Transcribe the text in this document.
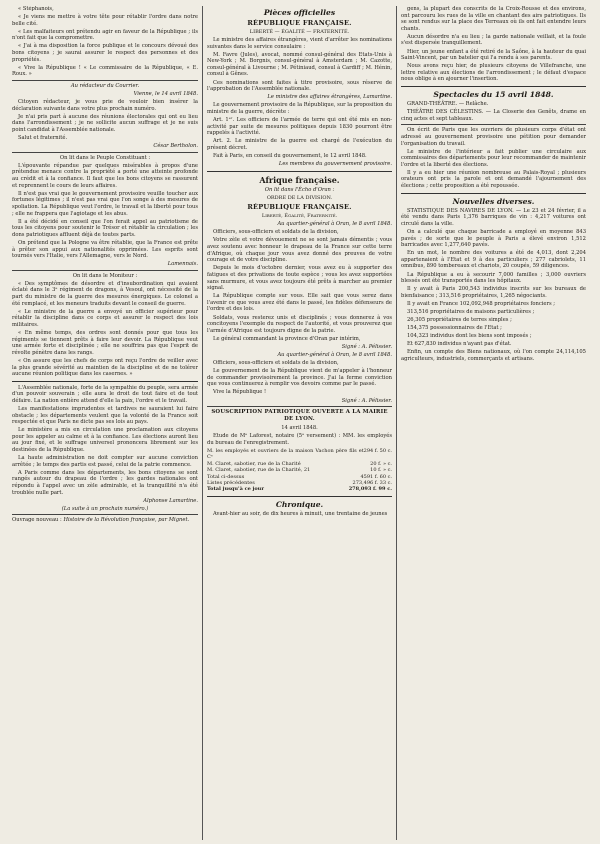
« Stéphanois,

« Je viens me mettre à votre tête pour rétablir l'ordre dans notre belle cité.

« Les malfaiteurs ont prétendu agir en faveur de la République ; ils n'ont fait que la compromettre.

« J'ai à ma disposition la force publique et le concours dévoué des bons citoyens ; je saurai assurer le respect des personnes et des propriétés.

« Vive la République ! « Le commissaire de la République, « E. Roux. »

Au rédacteur du Courrier.

Vienne, le 14 avril 1848.

Citoyen rédacteur, je vous prie de vouloir bien insérer la déclaration suivante dans votre plus prochain numéro.

Je n'ai pris part à aucune des réunions électorales qui ont eu lieu dans l'arrondissement ; je ne sollicite aucun suffrage et je ne suis point candidat à l'Assemblée nationale.

Salut et fraternité.

César Bertholon.

On lit dans le Peuple Constituant :

L'épouvante répandue par quelques misérables à propos d'une prétendue menace contre la propriété a porté une atteinte profonde au crédit et à la confiance. Il faut que les bons citoyens se rassurent et reprennent le cours de leurs affaires.

Il n'est pas vrai que le gouvernement provisoire veuille toucher aux fortunes légitimes ; il n'est pas vrai que l'on songe à des mesures de spoliation. La République veut l'ordre, le travail et la liberté pour tous ; elle ne frappera que l'agiotage et les abus.

Il a été décidé en conseil que l'on ferait appel au patriotisme de tous les citoyens pour soutenir le Trésor et rétablir la circulation ; les dons patriotiques affluent déjà de toutes parts.

On prétend que la Pologne va être rétablie, que la France est prête à prêter son appui aux nationalités opprimées. Les esprits sont tournés vers l'Italie, vers l'Allemagne, vers le Nord.

Lamennais.

On lit dans le Moniteur :

« Des symptômes de désordre et d'insubordination qui avaient éclaté dans le 3ᵉ régiment de dragons, à Vesoul, ont nécessité de la part du ministre de la guerre des mesures énergiques. Le colonel a été remplacé, et les meneurs traduits devant le conseil de guerre.

« Le ministre de la guerre a envoyé un officier supérieur pour rétablir la discipline dans ce corps et assurer le respect des lois militaires.

« En même temps, des ordres sont donnés pour que tous les régiments se tiennent prêts à faire leur devoir. La République veut une armée forte et disciplinée ; elle ne souffrira pas que l'esprit de révolte pénètre dans les rangs.

« On assure que les chefs de corps ont reçu l'ordre de veiller avec la plus grande sévérité au maintien de la discipline et de ne tolérer aucune réunion politique dans les casernes. »

L'Assemblée nationale, forte de la sympathie du peuple, sera armée d'un pouvoir souverain ; elle aura le droit de tout faire et de tout défaire. La nation entière attend d'elle la paix, l'ordre et le travail.

Les manifestations imprudentes et tardives ne sauraient lui faire obstacle ; les départements veulent que la volonté de la France soit respectée et que Paris ne dicte pas ses lois au pays.

Le ministère a mis en circulation une proclamation aux citoyens pour les appeler au calme et à la confiance. Les élections auront lieu au jour fixé, et le suffrage universel prononcera librement sur les destinées de la République.

La haute administration ne doit compter sur aucune conviction arrêtée ; le temps des partis est passé, celui de la patrie commence.

A Paris comme dans les départements, les bons citoyens se sont rangés autour du drapeau de l'ordre ; les gardes nationales ont répondu à l'appel avec un zèle admirable, et la tranquillité n'a été troublée nulle part.

Alphonse Lamartine.

(La suite à un prochain numéro.)

Ouvrage nouveau : Histoire de la Révolution française, par Mignet.

Pièces officielles
RÉPUBLIQUE FRANÇAISE.

LIBERTÉ — ÉGALITÉ — FRATERNITÉ.

Le ministre des affaires étrangères, vient d'arrêter les nominations suivantes dans le service consulaire :

M. Favre (Jules), avocat, nommé consul-général des Etats-Unis à New-York ; M. Borgnis, consul-général à Amsterdam ; M. Cazotte, consul-général à Livourne ; M. Pétiniaud, consul à Cardiff ; M. Hénin, consul à Gênes.

Ces nominations sont faites à titre provisoire, sous réserve de l'approbation de l'Assemblée nationale.

Le ministre des affaires étrangères, Lamartine.

Le gouvernement provisoire de la République, sur la proposition du ministre de la guerre, décrète :

Art. 1ᵉʳ. Les officiers de l'armée de terre qui ont été mis en non-activité par suite de mesures politiques depuis 1830 pourront être rappelés à l'activité.

Art. 2. Le ministre de la guerre est chargé de l'exécution du présent décret.

Fait à Paris, en conseil du gouvernement, le 12 avril 1848.

Les membres du gouvernement provisoire.

Afrique française.

On lit dans l'Écho d'Oran :

ORDRE DE LA DIVISION.

RÉPUBLIQUE FRANÇAISE.

Liberté, Égalité, Fraternité.

Au quartier-général à Oran, le 8 avril 1848.

Officiers, sous-officiers et soldats de la division,

Votre zèle et votre dévouement ne se sont jamais démentis ; vous avez soutenu avec honneur le drapeau de la France sur cette terre d'Afrique, où chaque jour vous avez donné des preuves de votre courage et de votre discipline.

Depuis le mois d'octobre dernier, vous avez eu à supporter des fatigues et des privations de toute espèce ; vous les avez supportées sans murmure, et vous avez toujours été prêts à marcher au premier signal.

La République compte sur vous. Elle sait que vous serez dans l'avenir ce que vous avez été dans le passé, les fidèles défenseurs de l'ordre et des lois.

Soldats, vous resterez unis et disciplinés ; vous donnerez à vos concitoyens l'exemple du respect de l'autorité, et vous prouverez que l'armée d'Afrique est toujours digne de la patrie.

Le général commandant la province d'Oran par intérim,

Signé : A. Pélissier.

Au quartier-général à Oran, le 8 avril 1848.

Officiers, sous-officiers et soldats de la division,

Le gouvernement de la République vient de m'appeler à l'honneur de commander provisoirement la province. J'ai la ferme conviction que vous continuerez à remplir vos devoirs comme par le passé.

Vive la République !

Signé : A. Pélissier.

SOUSCRIPTION PATRIOTIQUE OUVERTE A LA MAIRIE DE LYON.

14 avril 1848.

Etude de Mᵉ Laforest, notaire (5ᵉ versement) : MM. les employés du bureau de l'enregistrement.

M. les employés et ouvriers de la maison Vachon père fils et Cᵉ
294 f. 50 c.
M. Claret, sabotier, rue de la Charité	20 f. » c.
M. Claret, sabotier, rue de la Charité, 21	10 f. » c.
Total ci-dessus	4591 f. 60 c.
Listes précédentes	273,496 f. 33 c.
Total jusqu'à ce jour	278,093 f. 99 c.
Chronique.

Avant-hier au soir, de dix heures à minuit, une trentaine de jeunes

gens, la plupart des conscrits de la Croix-Rousse et des environs, ont parcouru les rues de la ville en chantant des airs patriotiques. Ils se sont rendus sur la place des Terreaux où ils ont fait entendre leurs chants.

Aucun désordre n'a eu lieu ; la garde nationale veillait, et la foule s'est dispersée tranquillement.

Hier, un jeune enfant a été retiré de la Saône, à la hauteur du quai Saint-Vincent, par un batelier qui l'a rendu à ses parents.

Nous avons reçu hier, de plusieurs citoyens de Villefranche, une lettre relative aux élections de l'arrondissement ; le défaut d'espace nous oblige à en ajourner l'insertion.

Spectacles du 15 avril 1848.

GRAND-THÉÂTRE. — Relâche.

THÉÂTRE DES CÉLESTINS. — La Closerie des Genêts, drame en cinq actes et sept tableaux.

On écrit de Paris que les ouvriers de plusieurs corps d'état ont adressé au gouvernement provisoire une pétition pour demander l'organisation du travail.

Le ministre de l'intérieur a fait publier une circulaire aux commissaires des départements pour leur recommander de maintenir l'ordre et la liberté des élections.

Il y a eu hier une réunion nombreuse au Palais-Royal ; plusieurs orateurs ont pris la parole et ont demandé l'ajournement des élections ; cette proposition a été repoussée.

Nouvelles diverses.

STATISTIQUE DES NAVIRES DE LYON. — Le 23 et 24 février, il a été vendu dans Paris 1,376 barriques de vin : 4,217 voitures ont circulé dans la ville.

On a calculé que chaque barricade a employé en moyenne 843 pavés ; de sorte que le peuple à Paris a élevé environ 1,512 barricades avec 1,277,640 pavés.

En un mot, le nombre des voitures a été de 4,013, dont 2,204 appartenaient à l'Etat et 9 à des particuliers ; 277 cabriolets, 11 omnibus, 890 tombereaux et chariots, 20 coupés, 59 diligences.

La République a eu à secourir 7,000 familles ; 3,000 ouvriers blessés ont été transportés dans les hôpitaux.

Il y avait à Paris 200,543 individus inscrits sur les bureaux de bienfaisance ; 313,516 propriétaires, 1,265 négociants.

Il y avait en France 102,092,948 propriétaires fonciers ;

313,516 propriétaires de maisons particulières ;

26,305 propriétaires de terres simples ;

154,375 possessionnaires de l'Etat ;

104,323 individus dont les biens sont imposés ;

Et 627,830 individus n'ayant pas d'état.

Enfin, un compte des Biens nationaux, où l'on compte 24,114,105 agriculteurs, industriels, commerçants et artisans.
